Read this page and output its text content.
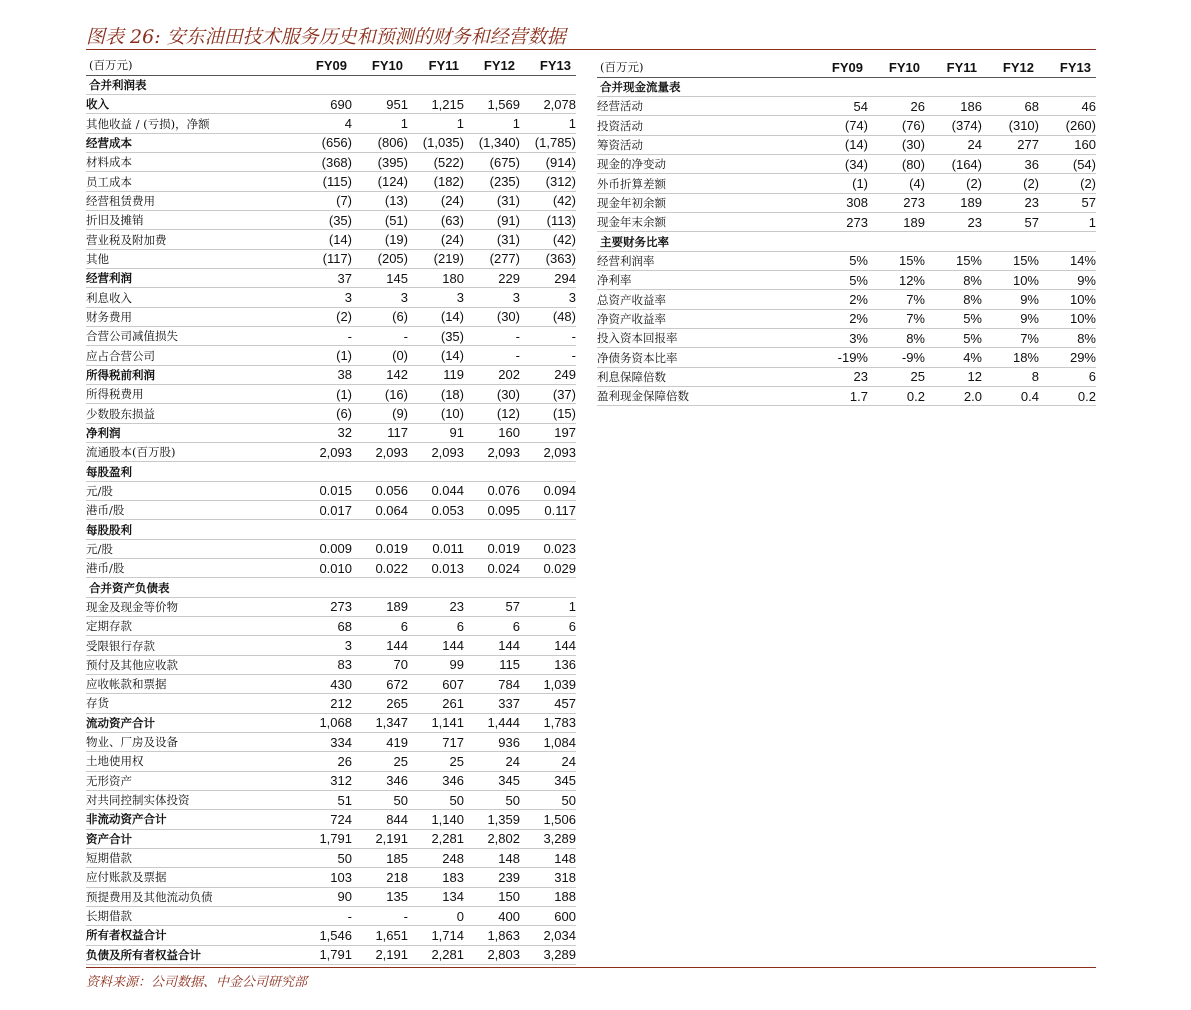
图表 26: 安东油田技术服务历史和预测的财务和经营数据
(百万元)	FY09	FY10	FY11	FY12	FY13
合并利润表					
收入	690	951	1,215	1,569	2,078
其他收益 / (亏损)，净额	4	1	1	1	1
经营成本	(656)	(806)	(1,035)	(1,340)	(1,785)
材料成本	(368)	(395)	(522)	(675)	(914)
员工成本	(115)	(124)	(182)	(235)	(312)
经营租赁费用	(7)	(13)	(24)	(31)	(42)
折旧及摊销	(35)	(51)	(63)	(91)	(113)
营业税及附加费	(14)	(19)	(24)	(31)	(42)
其他	(117)	(205)	(219)	(277)	(363)
经营利润	37	145	180	229	294
利息收入	3	3	3	3	3
财务费用	(2)	(6)	(14)	(30)	(48)
合营公司减值损失	-	-	(35)	-	-
应占合营公司	(1)	(0)	(14)	-	-
所得税前利润	38	142	119	202	249
所得税费用	(1)	(16)	(18)	(30)	(37)
少数股东损益	(6)	(9)	(10)	(12)	(15)
净利润	32	117	91	160	197
流通股本(百万股)	2,093	2,093	2,093	2,093	2,093
每股盈利					
元/股	0.015	0.056	0.044	0.076	0.094
港币/股	0.017	0.064	0.053	0.095	0.117
每股股利					
元/股	0.009	0.019	0.011	0.019	0.023
港币/股	0.010	0.022	0.013	0.024	0.029
合并资产负债表					
现金及现金等价物	273	189	23	57	1
定期存款	68	6	6	6	6
受限银行存款	3	144	144	144	144
预付及其他应收款	83	70	99	115	136
应收帐款和票据	430	672	607	784	1,039
存货	212	265	261	337	457
流动资产合计	1,068	1,347	1,141	1,444	1,783
物业、厂房及设备	334	419	717	936	1,084
土地使用权	26	25	25	24	24
无形资产	312	346	346	345	345
对共同控制实体投资	51	50	50	50	50
非流动资产合计	724	844	1,140	1,359	1,506
资产合计	1,791	2,191	2,281	2,802	3,289
短期借款	50	185	248	148	148
应付账款及票据	103	218	183	239	318
预提费用及其他流动负债	90	135	134	150	188
长期借款	-	-	0	400	600
所有者权益合计	1,546	1,651	1,714	1,863	2,034
负债及所有者权益合计	1,791	2,191	2,281	2,803	3,289
(百万元)	FY09	FY10	FY11	FY12	FY13
合并现金流量表					
经营活动	54	26	186	68	46
投资活动	(74)	(76)	(374)	(310)	(260)
筹资活动	(14)	(30)	24	277	160
现金的净变动	(34)	(80)	(164)	36	(54)
外币折算差额	(1)	(4)	(2)	(2)	(2)
现金年初余额	308	273	189	23	57
现金年末余额	273	189	23	57	1
主要财务比率					
经营利润率	5%	15%	15%	15%	14%
净利率	5%	12%	8%	10%	9%
总资产收益率	2%	7%	8%	9%	10%
净资产收益率	2%	7%	5%	9%	10%
投入资本回报率	3%	8%	5%	7%	8%
净债务资本比率	-19%	-9%	4%	18%	29%
利息保障倍数	23	25	12	8	6
盈利现金保障倍数	1.7	0.2	2.0	0.4	0.2
资料来源：公司数据、中金公司研究部
